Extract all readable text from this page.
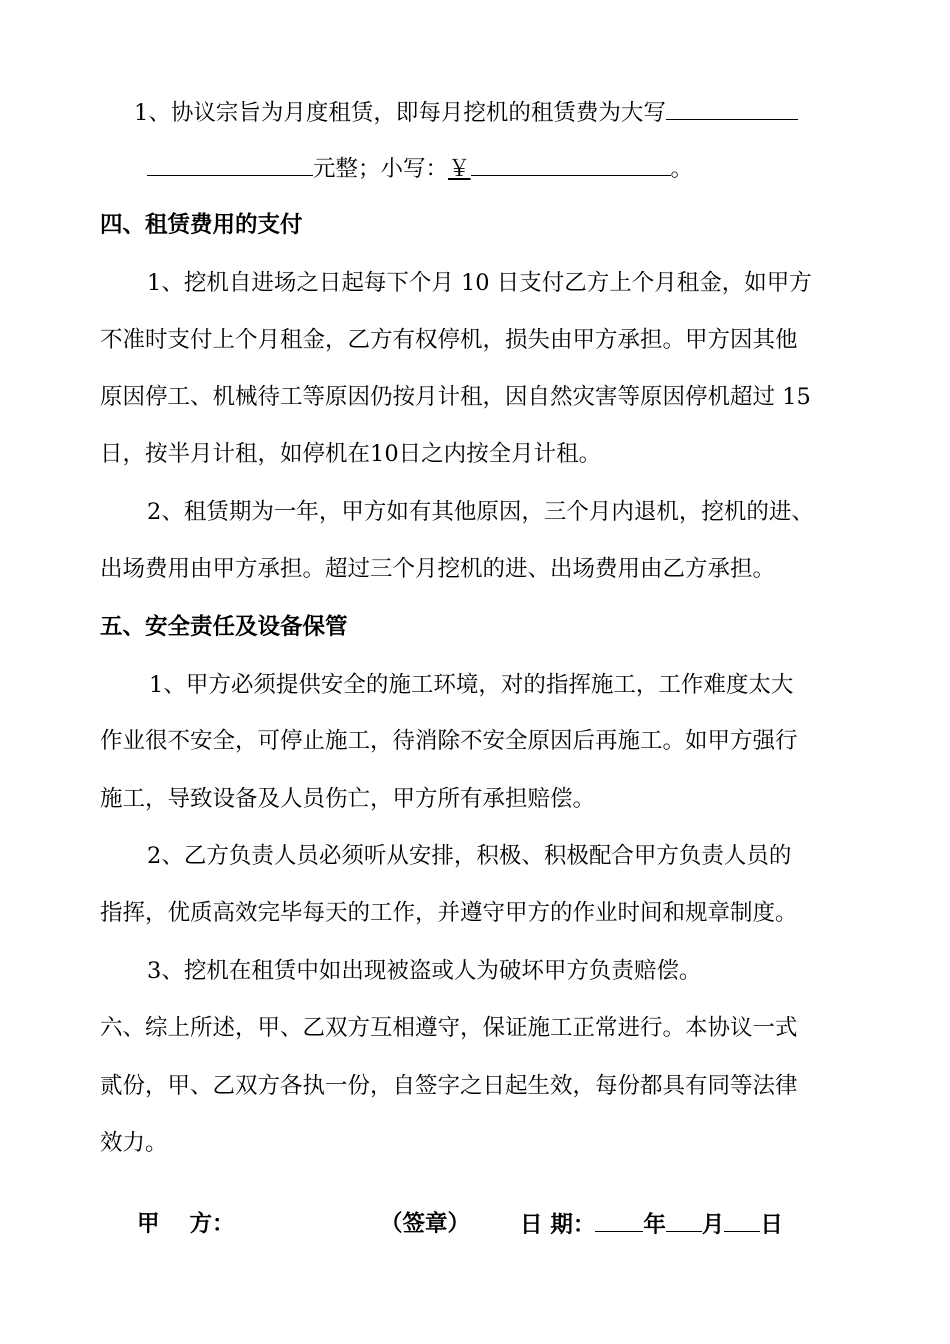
1、协议宗旨为月度租赁，即每月挖机的租赁费为大写
元整；小写：￥	。
四、租赁费用的支付
1、挖机自进场之日起每下个月 10 日支付乙方上个月租金，如甲方
不准时支付上个月租金，乙方有权停机，损失由甲方承担。甲方因其他
原因停工、机械待工等原因仍按月计租，因自然灾害等原因停机超过 15
日，按半月计租，如停机在10日之内按全月计租。
2、租赁期为一年，甲方如有其他原因，三个月内退机，挖机的进、
出场费用由甲方承担。超过三个月挖机的进、出场费用由乙方承担。
五、安全责任及设备保管
1、甲方必须提供安全的施工环境，对的指挥施工，工作难度太大
作业很不安全，可停止施工，待消除不安全原因后再施工。如甲方强行
施工，导致设备及人员伤亡，甲方所有承担赔偿。
2、乙方负责人员必须听从安排，积极、积极配合甲方负责人员的
指挥，优质高效完毕每天的工作，并遵守甲方的作业时间和规章制度。
3、挖机在租赁中如出现被盗或人为破坏甲方负责赔偿。
六、综上所述，甲、乙双方互相遵守，保证施工正常进行。本协议一式
贰份，甲、乙双方各执一份，自签字之日起生效，每份都具有同等法律
效力。
甲 方：	（签章） 日 期： 年 月 日
